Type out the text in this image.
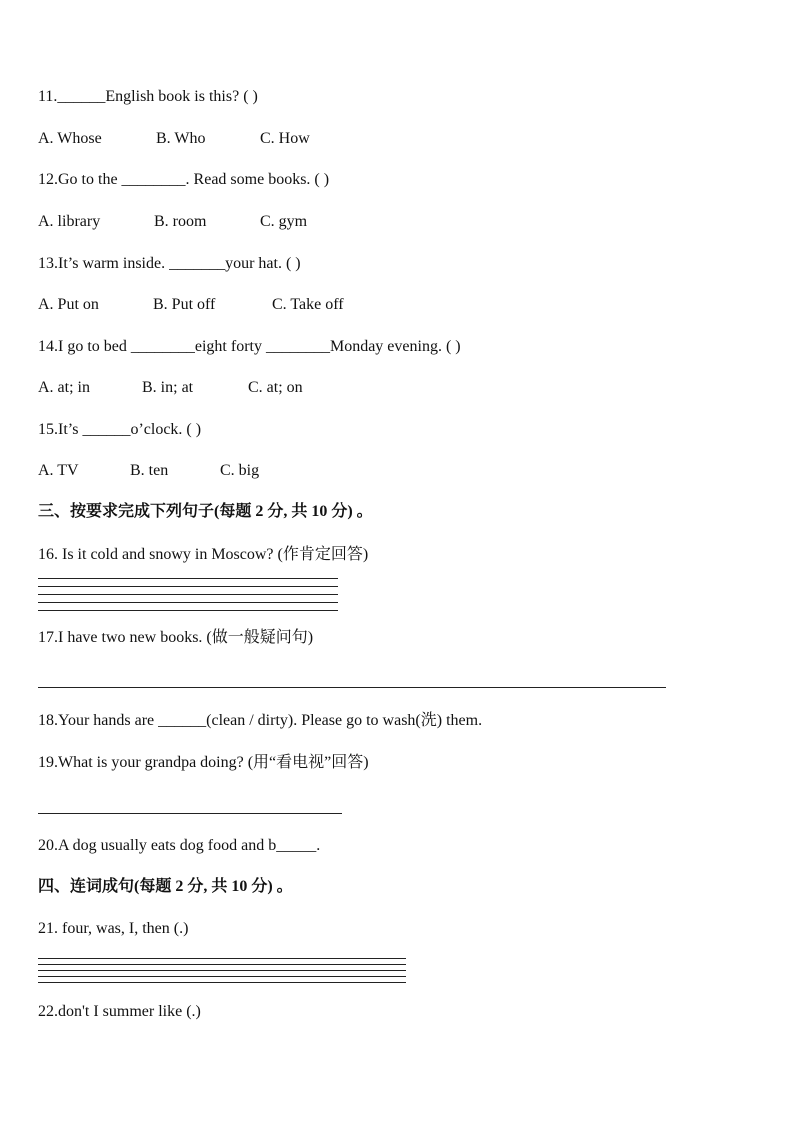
11.______English book is this? ( )
A. Whose	B. Who	C. How
12.Go to the ________. Read some books. ( )
A. library	B. room	C. gym
13.It’s warm inside. _______your hat. ( )
A. Put on	B. Put off	C. Take off
14.I go to bed ________eight forty ________Monday evening. ( )
A. at; in	B. in; at	C. at; on
15.It’s ______o’clock. ( )
A. TV	B. ten	C. big
三、按要求完成下列句子(每题 2 分, 共 10 分) 。
16. Is it cold and snowy in Moscow? (作肯定回答)
17.I have two new books. (做一般疑问句)
18.Your hands are ______(clean / dirty). Please go to wash(洗) them.
19.What is your grandpa doing? (用“看电视”回答)
20.A dog usually eats dog food and b_____.
四、连词成句(每题 2 分, 共 10 分) 。
21. four, was, I, then (.)
22.don't I summer like (.)
